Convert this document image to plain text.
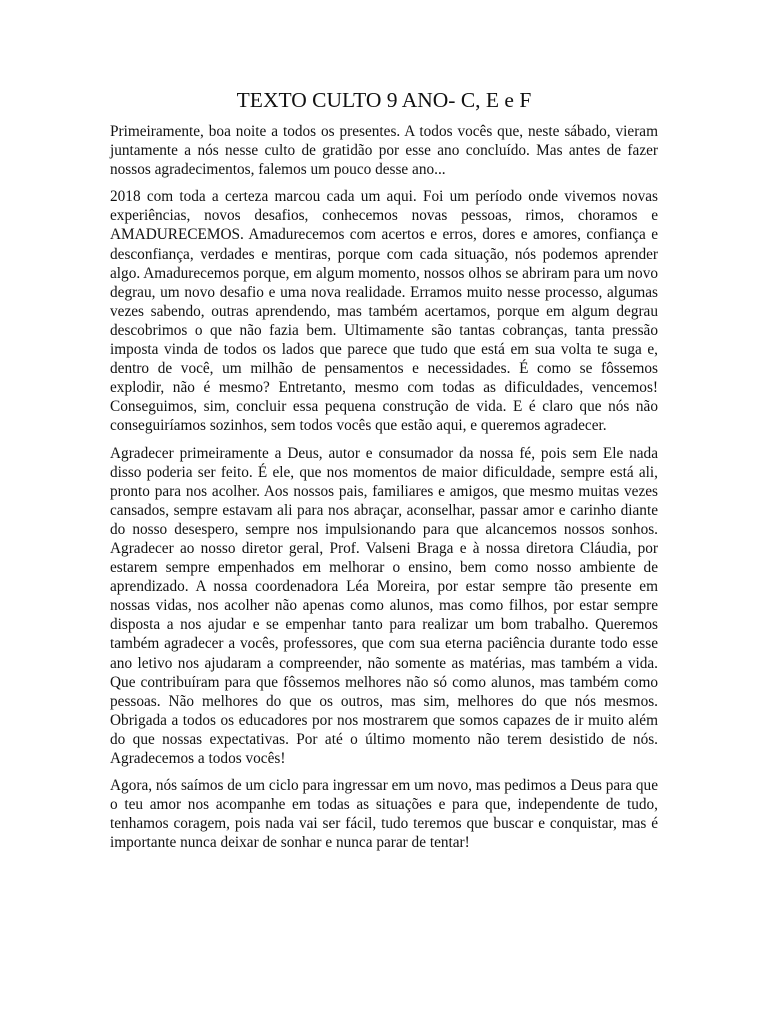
TEXTO CULTO 9 ANO- C, E e F

Primeiramente, boa noite a todos os presentes. A todos vocês que, neste sábado, vieram juntamente a nós nesse culto de gratidão por esse ano concluído. Mas antes de fazer nossos agradecimentos, falemos um pouco desse ano...

2018 com toda a certeza marcou cada um aqui. Foi um período onde vivemos novas experiências, novos desafios, conhecemos novas pessoas, rimos, choramos e AMADURECEMOS. Amadurecemos com acertos e erros, dores e amores, confiança e desconfiança, verdades e mentiras, porque com cada situação, nós podemos aprender algo. Amadurecemos porque, em algum momento, nossos olhos se abriram para um novo degrau, um novo desafio e uma nova realidade. Erramos muito nesse processo, algumas vezes sabendo, outras aprendendo, mas também acertamos, porque em algum degrau descobrimos o que não fazia bem. Ultimamente são tantas cobranças, tanta pressão imposta vinda de todos os lados que parece que tudo que está em sua volta te suga e, dentro de você, um milhão de pensamentos e necessidades. É como se fôssemos explodir, não é mesmo? Entretanto, mesmo com todas as dificuldades, vencemos! Conseguimos, sim, concluir essa pequena construção de vida. E é claro que nós não conseguiríamos sozinhos, sem todos vocês que estão aqui, e queremos agradecer.

Agradecer primeiramente a Deus, autor e consumador da nossa fé, pois sem Ele nada disso poderia ser feito. É ele, que nos momentos de maior dificuldade, sempre está ali, pronto para nos acolher. Aos nossos pais, familiares e amigos, que mesmo muitas vezes cansados, sempre estavam ali para nos abraçar, aconselhar, passar amor e carinho diante do nosso desespero, sempre nos impulsionando para que alcancemos nossos sonhos. Agradecer ao nosso diretor geral, Prof. Valseni Braga e à nossa diretora Cláudia, por estarem sempre empenhados em melhorar o ensino, bem como nosso ambiente de aprendizado. A nossa coordenadora Léa Moreira, por estar sempre tão presente em nossas vidas, nos acolher não apenas como alunos, mas como filhos, por estar sempre disposta a nos ajudar e se empenhar tanto para realizar um bom trabalho. Queremos também agradecer a vocês, professores, que com sua eterna paciência durante todo esse ano letivo nos ajudaram a compreender, não somente as matérias, mas também a vida. Que contribuíram para que fôssemos melhores não só como alunos, mas também como pessoas. Não melhores do que os outros, mas sim, melhores do que nós mesmos. Obrigada a todos os educadores por nos mostrarem que somos capazes de ir muito além do que nossas expectativas. Por até o último momento não terem desistido de nós. Agradecemos a todos vocês!

Agora, nós saímos de um ciclo para ingressar em um novo, mas pedimos a Deus para que o teu amor nos acompanhe em todas as situações e para que, independente de tudo, tenhamos coragem, pois nada vai ser fácil, tudo teremos que buscar e conquistar, mas é importante nunca deixar de sonhar e nunca parar de tentar!
